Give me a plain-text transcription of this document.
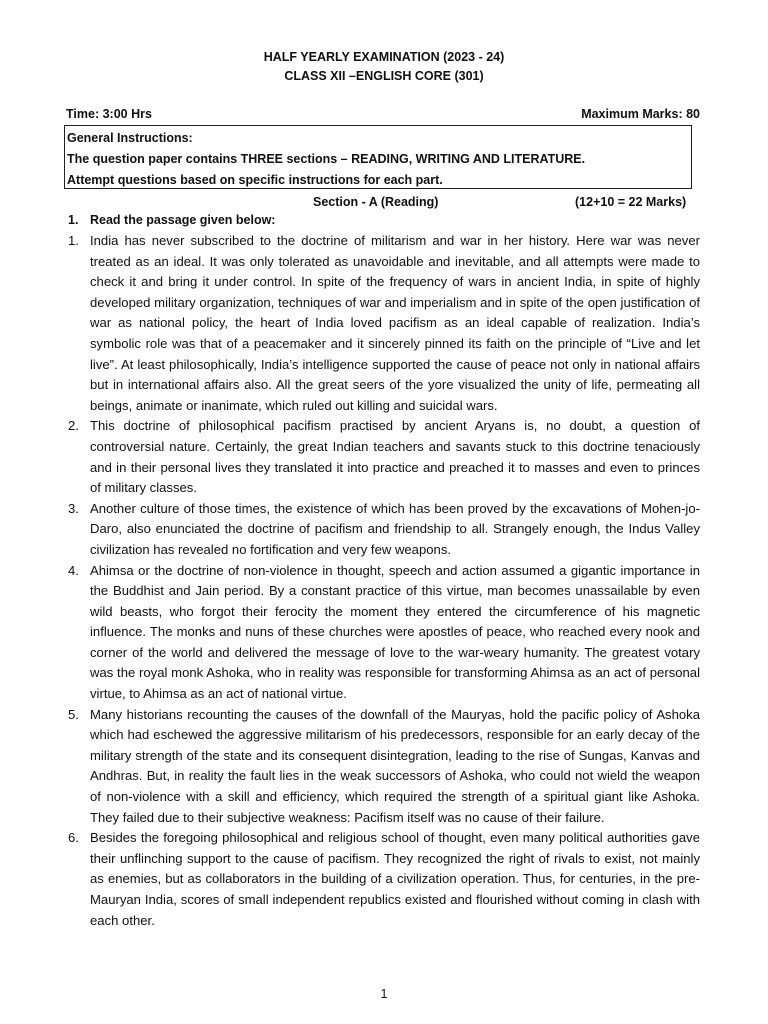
HALF YEARLY EXAMINATION (2023 - 24)
CLASS XII –ENGLISH CORE (301)
Time: 3:00 Hrs	Maximum Marks: 80
General Instructions:
The question paper contains THREE sections – READING, WRITING AND LITERATURE.
Attempt questions based on specific instructions for each part.
Section - A (Reading)	(12+10 = 22 Marks)
1. Read the passage given below:
1. India has never subscribed to the doctrine of militarism and war in her history. Here war was never treated as an ideal. It was only tolerated as unavoidable and inevitable, and all attempts were made to check it and bring it under control. In spite of the frequency of wars in ancient India, in spite of highly developed military organization, techniques of war and imperialism and in spite of the open justification of war as national policy, the heart of India loved pacifism as an ideal capable of realization. India’s symbolic role was that of a peacemaker and it sincerely pinned its faith on the principle of “Live and let live”. At least philosophically, India’s intelligence supported the cause of peace not only in national affairs but in international affairs also. All the great seers of the yore visualized the unity of life, permeating all beings, animate or inanimate, which ruled out killing and suicidal wars.
2. This doctrine of philosophical pacifism practised by ancient Aryans is, no doubt, a question of controversial nature. Certainly, the great Indian teachers and savants stuck to this doctrine tenaciously and in their personal lives they translated it into practice and preached it to masses and even to princes of military classes.
3. Another culture of those times, the existence of which has been proved by the excavations of Mohen-jo-Daro, also enunciated the doctrine of pacifism and friendship to all. Strangely enough, the Indus Valley civilization has revealed no fortification and very few weapons.
4. Ahimsa or the doctrine of non-violence in thought, speech and action assumed a gigantic importance in the Buddhist and Jain period. By a constant practice of this virtue, man becomes unassailable by even wild beasts, who forgot their ferocity the moment they entered the circumference of his magnetic influence. The monks and nuns of these churches were apostles of peace, who reached every nook and corner of the world and delivered the message of love to the war-weary humanity. The greatest votary was the royal monk Ashoka, who in reality was responsible for transforming Ahimsa as an act of personal virtue, to Ahimsa as an act of national virtue.
5. Many historians recounting the causes of the downfall of the Mauryas, hold the pacific policy of Ashoka which had eschewed the aggressive militarism of his predecessors, responsible for an early decay of the military strength of the state and its consequent disintegration, leading to the rise of Sungas, Kanvas and Andhras. But, in reality the fault lies in the weak successors of Ashoka, who could not wield the weapon of non-violence with a skill and efficiency, which required the strength of a spiritual giant like Ashoka. They failed due to their subjective weakness: Pacifism itself was no cause of their failure.
6. Besides the foregoing philosophical and religious school of thought, even many political authorities gave their unflinching support to the cause of pacifism. They recognized the right of rivals to exist, not mainly as enemies, but as collaborators in the building of a civilization operation. Thus, for centuries, in the pre-Mauryan India, scores of small independent republics existed and flourished without coming in clash with each other.
1
